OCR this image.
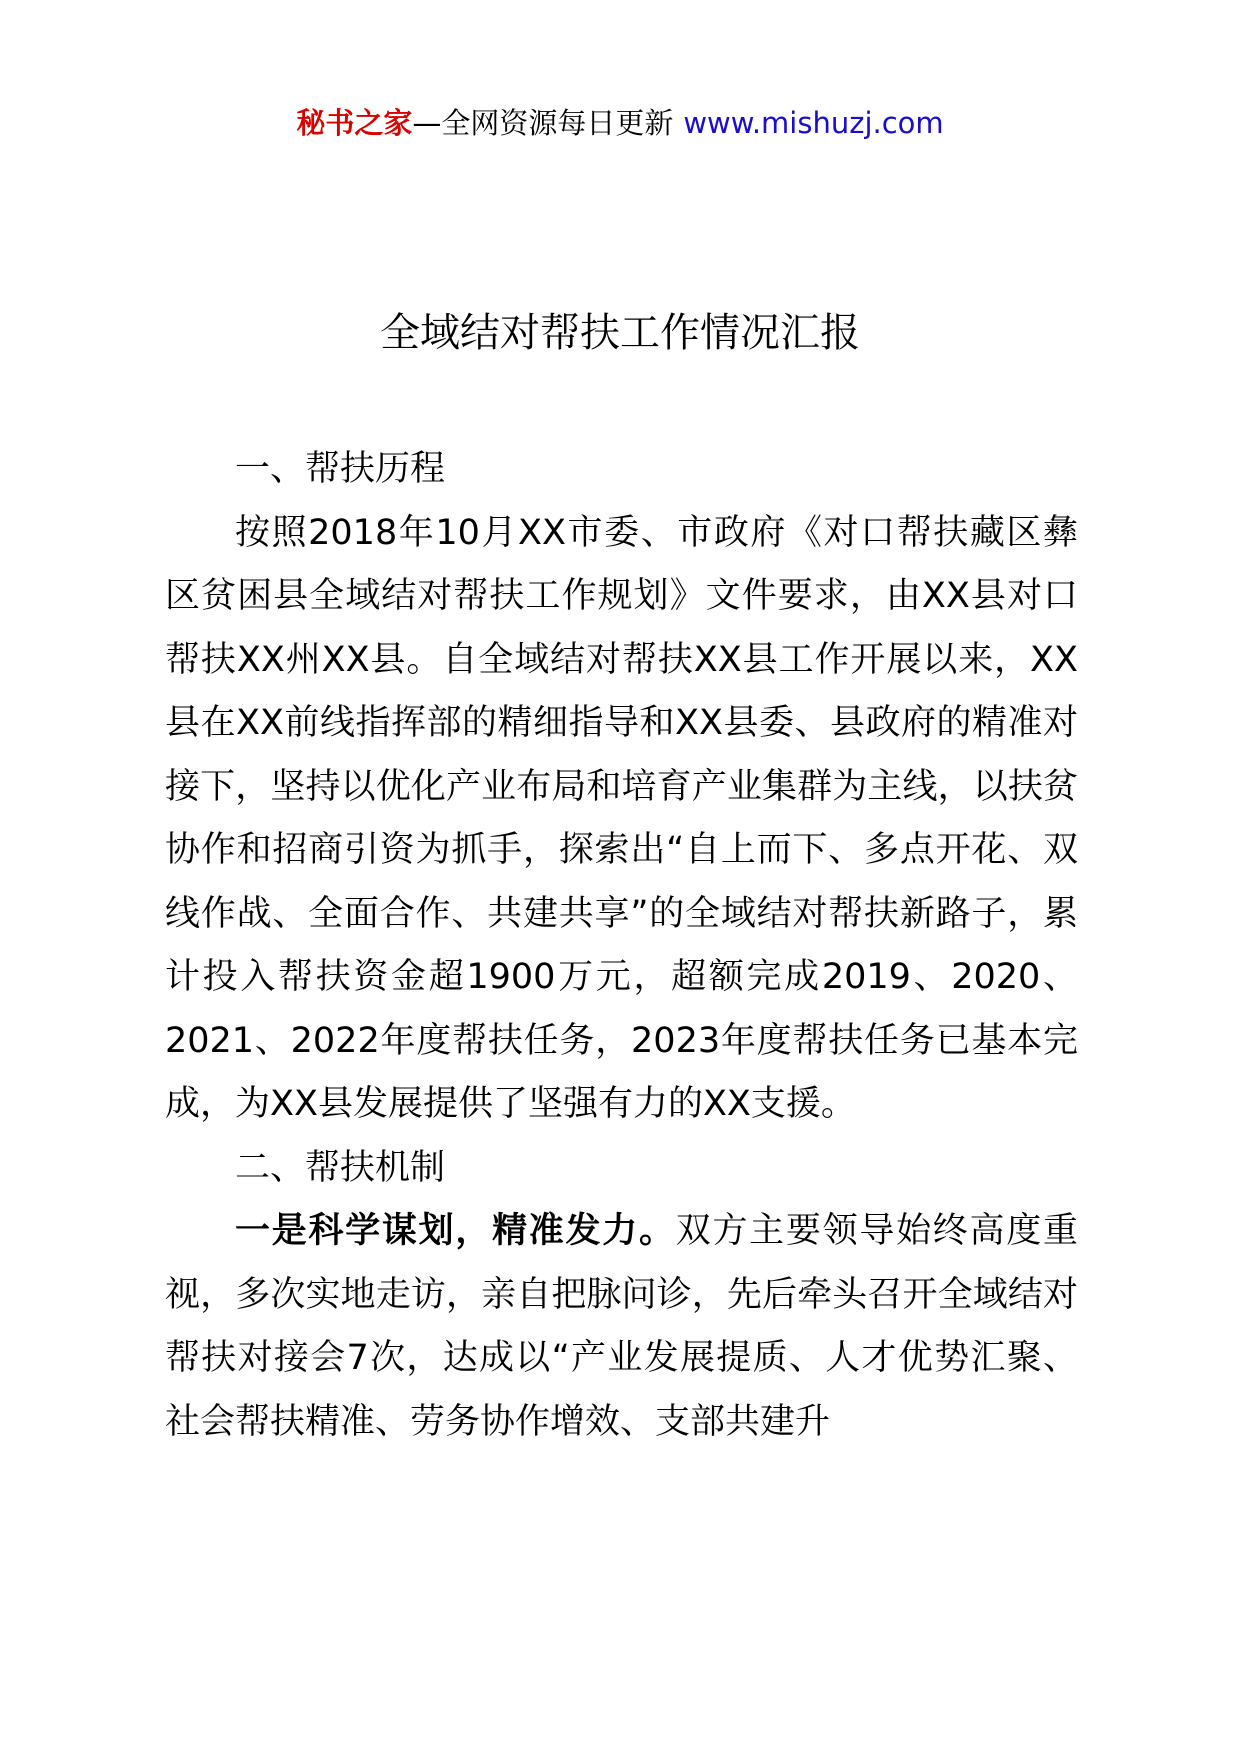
秘书之家—全网资源每日更新 www.mishuzj.com
全域结对帮扶工作情况汇报

一、帮扶历程

按照2018年10月XX市委、市政府《对口帮扶藏区彝区贫困县全域结对帮扶工作规划》文件要求，由XX县对口帮扶XX州XX县。自全域结对帮扶XX县工作开展以来，XX县在XX前线指挥部的精细指导和XX县委、县政府的精准对接下，坚持以优化产业布局和培育产业集群为主线，以扶贫协作和招商引资为抓手，探索出“自上而下、多点开花、双线作战、全面合作、共建共享”的全域结对帮扶新路子，累计投入帮扶资金超1900万元，超额完成2019、2020、2021、2022年度帮扶任务，2023年度帮扶任务已基本完成，为XX县发展提供了坚强有力的XX支援。

二、帮扶机制

一是科学谋划，精准发力。双方主要领导始终高度重视，多次实地走访，亲自把脉问诊，先后牵头召开全域结对帮扶对接会7次，达成以“产业发展提质、人才优势汇聚、社会帮扶精准、劳务协作增效、支部共建升
